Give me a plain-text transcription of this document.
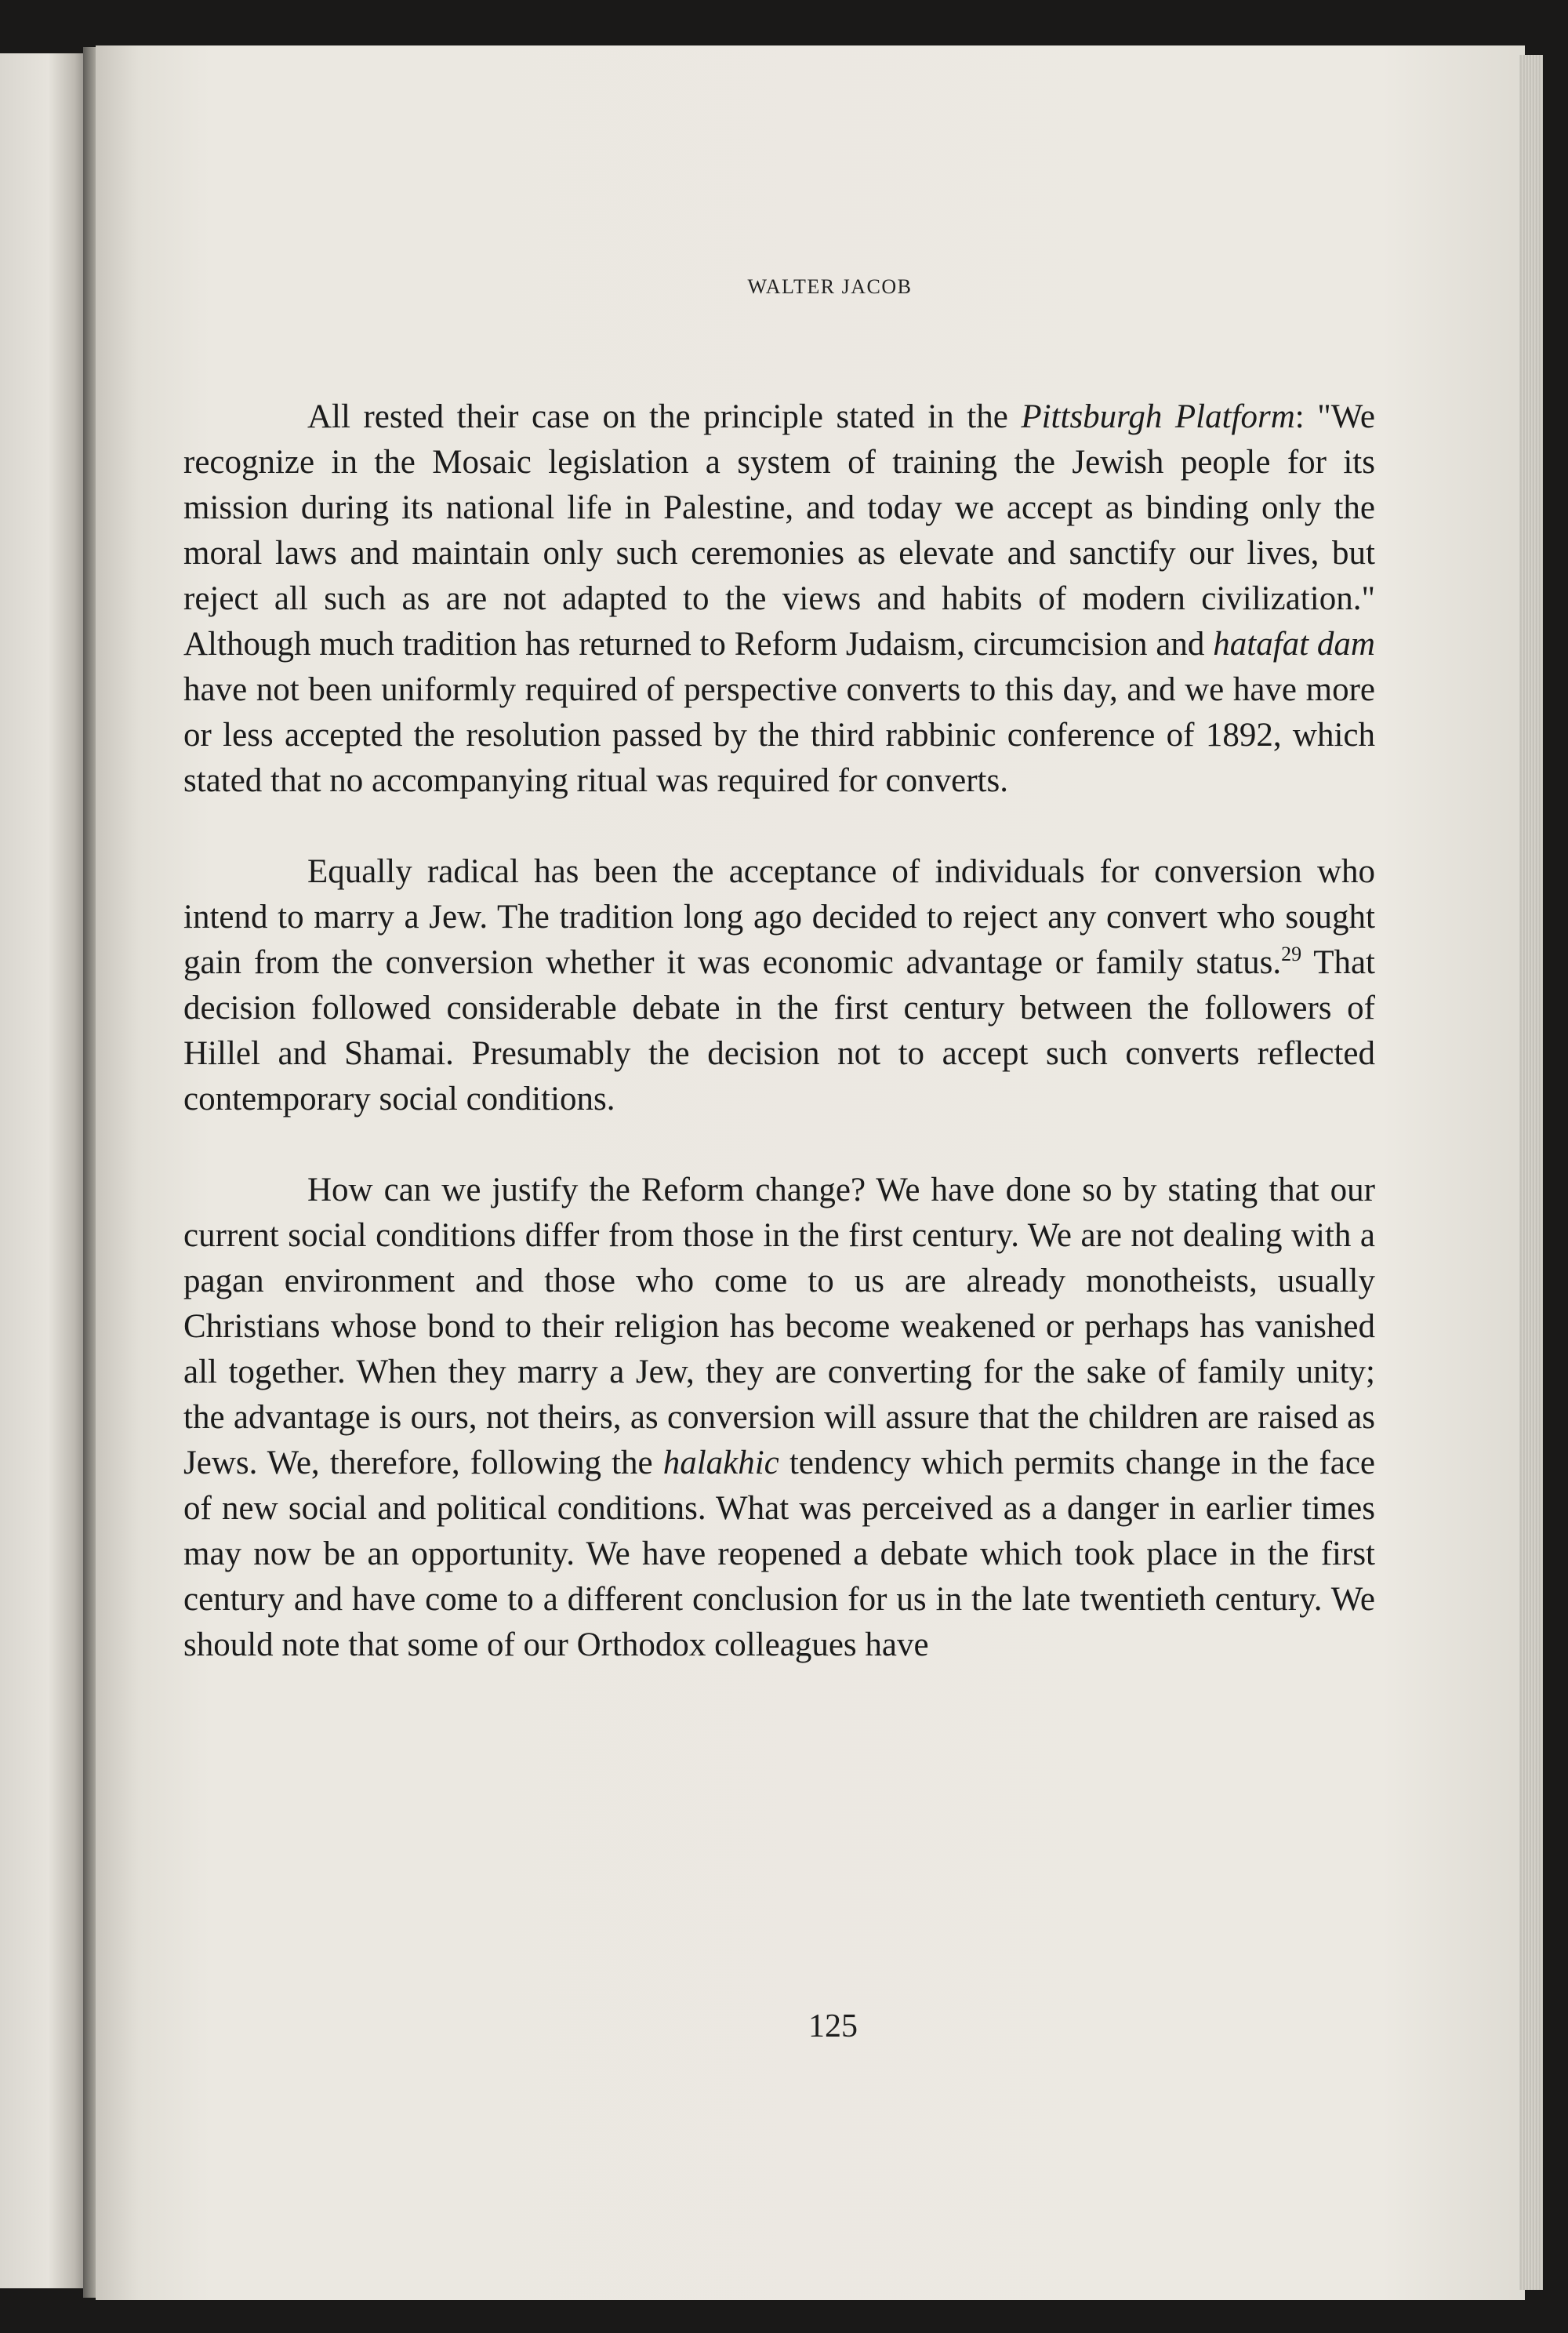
WALTER JACOB

All rested their case on the principle stated in the Pittsburgh Platform: "We recognize in the Mosaic legislation a system of training the Jewish people for its mission during its national life in Palestine, and today we accept as binding only the moral laws and maintain only such ceremonies as elevate and sanctify our lives, but reject all such as are not adapted to the views and habits of modern civilization." Although much tradition has returned to Reform Judaism, circumcision and hatafat dam have not been uniformly required of perspective converts to this day, and we have more or less accepted the resolution passed by the third rabbinic conference of 1892, which stated that no accompanying ritual was required for converts.

Equally radical has been the acceptance of individuals for conversion who intend to marry a Jew. The tradition long ago decided to reject any convert who sought gain from the conversion whether it was economic advantage or family status.$^{29}$ That decision followed considerable debate in the first century between the followers of Hillel and Shamai. Presumably the decision not to accept such converts reflected contemporary social conditions.

How can we justify the Reform change? We have done so by stating that our current social conditions differ from those in the first century. We are not dealing with a pagan environment and those who come to us are already monotheists, usually Christians whose bond to their religion has become weakened or perhaps has vanished all together. When they marry a Jew, they are converting for the sake of family unity; the advantage is ours, not theirs, as conversion will assure that the children are raised as Jews. We, therefore, following the halakhic tendency which permits change in the face of new social and political conditions. What was perceived as a danger in earlier times may now be an opportunity. We have reopened a debate which took place in the first century and have come to a different conclusion for us in the late twentieth century. We should note that some of our Orthodox colleagues have

125
